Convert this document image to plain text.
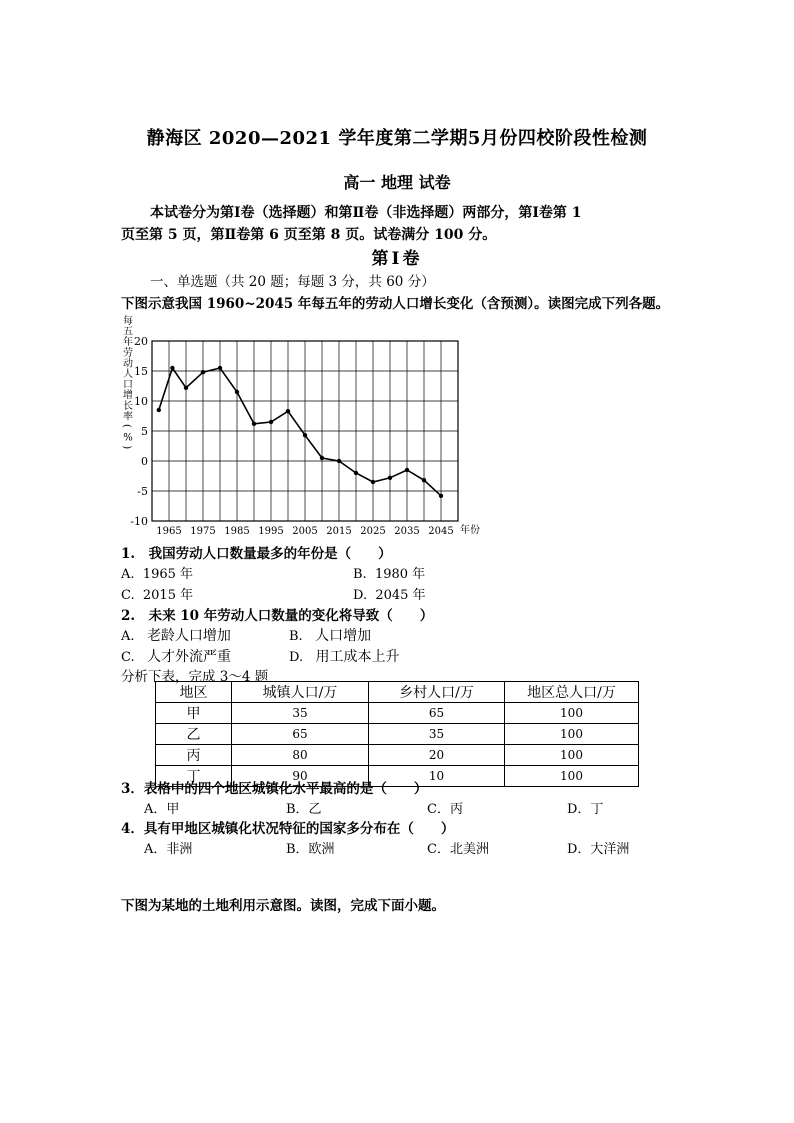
静海区 2020—2021 学年度第二学期5月份四校阶段性检测
高一 地理 试卷
本试卷分为第Ⅰ卷（选择题）和第Ⅱ卷（非选择题）两部分，第Ⅰ卷第 1
页至第 5 页，第Ⅱ卷第 6 页至第 8 页。试卷满分 100 分。
第Ⅰ卷
一、单选题（共 20 题；每题 3 分，共 60 分）
下图示意我国 1960~2045 年每五年的劳动人口增长变化（含预测）。读图完成下列各题。
每
五
年
劳
动
人
口
增
长
率
(
%
)
20
15
10
5
0
-5
-10
1965 1975 1985 1995 2005 2015 2025 2035 2045 年份
1.　我国劳动人口数量最多的年份是（　　）
A. 1965 年	B. 1980 年
C. 2015 年	D. 2045 年
2.　未来 10 年劳动人口数量的变化将导致（　　）
A. 老龄人口增加	B. 人口增加
C. 人才外流严重	D. 用工成本上升
分析下表，完成 3～4 题
地区	城镇人口/万	乡村人口/万	地区总人口/万
甲	35	65	100
乙	65	35	100
丙	80	20	100
丁	90	10	100
3．表格中的四个地区城镇化水平最高的是（　　）
A．甲	B．乙	C．丙	D．丁
4．具有甲地区城镇化状况特征的国家多分布在（　　）
A．非洲	B．欧洲	C．北美洲	D．大洋洲
下图为某地的土地利用示意图。读图，完成下面小题。
